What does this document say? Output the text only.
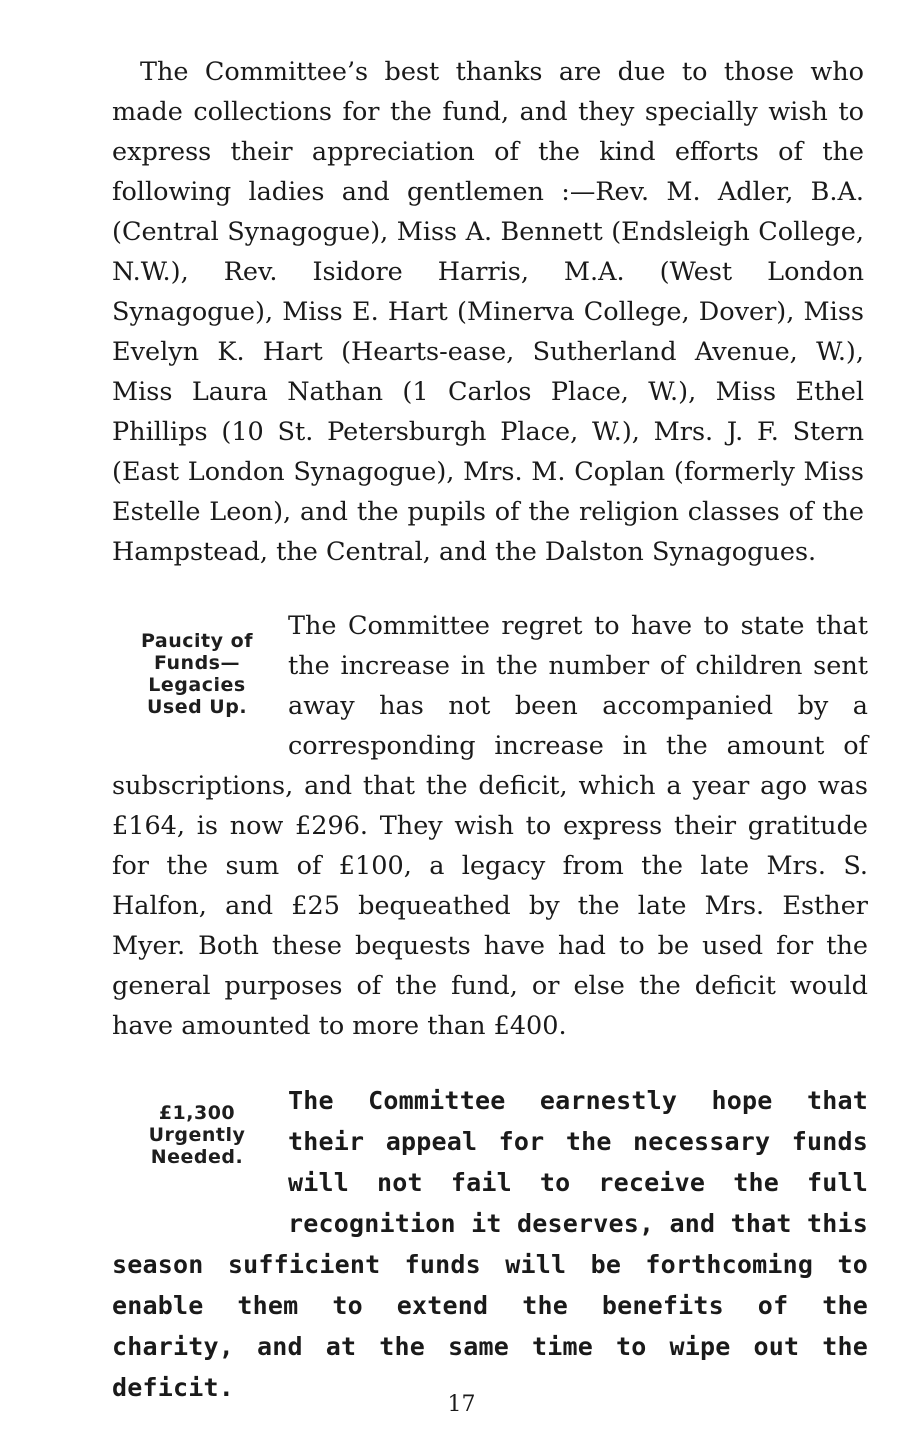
The Committee’s best thanks are due to those who made collections for the fund, and they specially wish to express their appreciation of the kind efforts of the following ladies and gentlemen :—Rev. M. Adler, B.A. (Central Synagogue), Miss A. Bennett (Endsleigh College, N.W.), Rev. Isidore Harris, M.A. (West London Synagogue), Miss E. Hart (Minerva College, Dover), Miss Evelyn K. Hart (Hearts-ease, Sutherland Avenue, W.), Miss Laura Nathan (1 Carlos Place, W.), Miss Ethel Phillips (10 St. Petersburgh Place, W.), Mrs. J. F. Stern (East London Synagogue), Mrs. M. Coplan (formerly Miss Estelle Leon), and the pupils of the religion classes of the Hampstead, the Central, and the Dalston Synagogues.

Paucity of
Funds—
Legacies
Used Up.

The Committee regret to have to state that the increase in the number of children sent away has not been accompanied by a corresponding increase in the amount of subscriptions, and that the deficit, which a year ago was £164, is now £296. They wish to express their gratitude for the sum of £100, a legacy from the late Mrs. S. Halfon, and £25 bequeathed by the late Mrs. Esther Myer. Both these bequests have had to be used for the general purposes of the fund, or else the deficit would have amounted to more than £400.

£1,300
Urgently
Needed.

The Committee earnestly hope that their appeal for the necessary funds will not fail to receive the full recognition it deserves, and that this season sufficient funds will be forthcoming to enable them to extend the benefits of the charity, and at the same time to wipe out the deficit.

17
